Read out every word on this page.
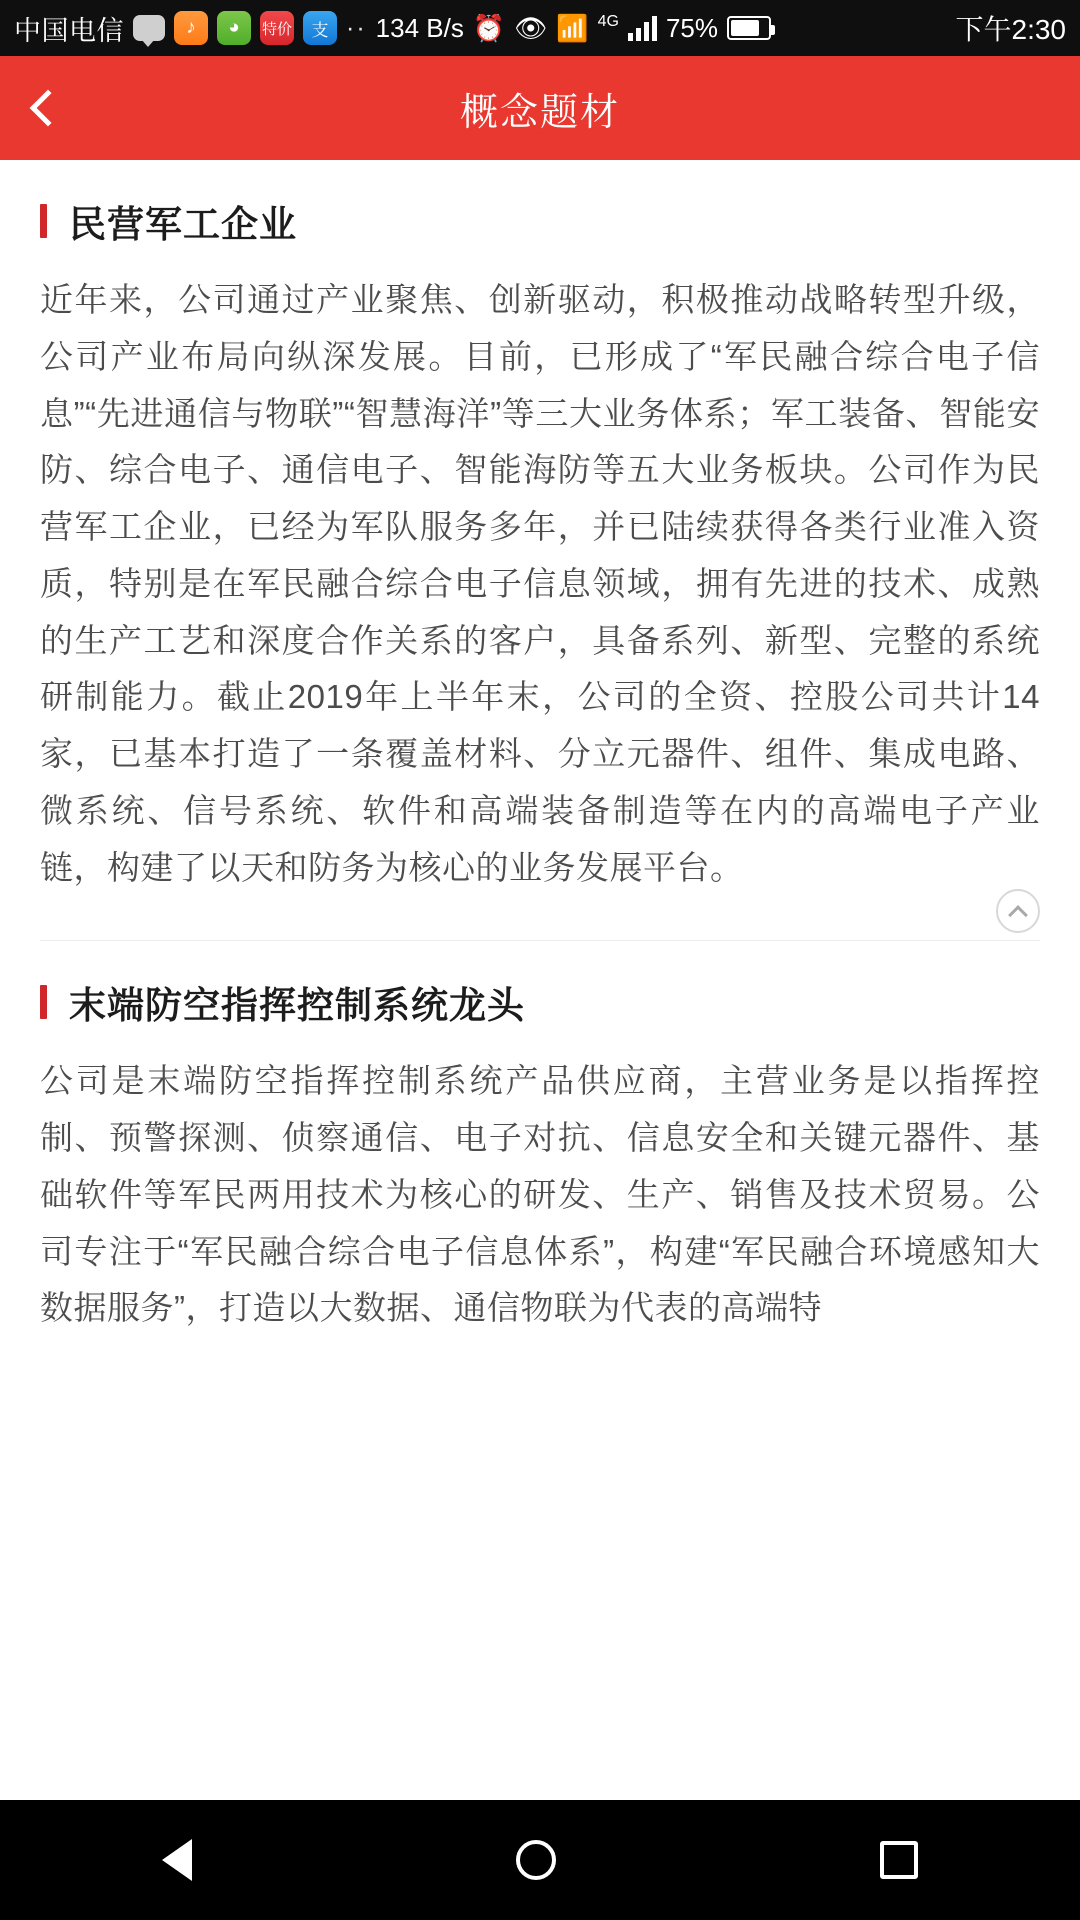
中国电信	♪	◕	特价	支 ·· 134 B/s ⏰ 👁 📶 4G 75%	下午2:30
概念题材
民营军工企业
近年来，公司通过产业聚焦、创新驱动，积极推动战略转型升级，公司产业布局向纵深发展。目前，已形成了“军民融合综合电子信息”“先进通信与物联”“智慧海洋”等三大业务体系；军工装备、智能安防、综合电子、通信电子、智能海防等五大业务板块。公司作为民营军工企业，已经为军队服务多年，并已陆续获得各类行业准入资质，特别是在军民融合综合电子信息领域，拥有先进的技术、成熟的生产工艺和深度合作关系的客户，具备系列、新型、完整的系统研制能力。截止2019年上半年末，公司的全资、控股公司共计14家，已基本打造了一条覆盖材料、分立元器件、组件、集成电路、微系统、信号系统、软件和高端装备制造等在内的高端电子产业链，构建了以天和防务为核心的业务发展平台。
末端防空指挥控制系统龙头
公司是末端防空指挥控制系统产品供应商，主营业务是以指挥控制、预警探测、侦察通信、电子对抗、信息安全和关键元器件、基础软件等军民两用技术为核心的研发、生产、销售及技术贸易。公司专注于“军民融合综合电子信息体系”，构建“军民融合环境感知大数据服务”，打造以大数据、通信物联为代表的高端特
